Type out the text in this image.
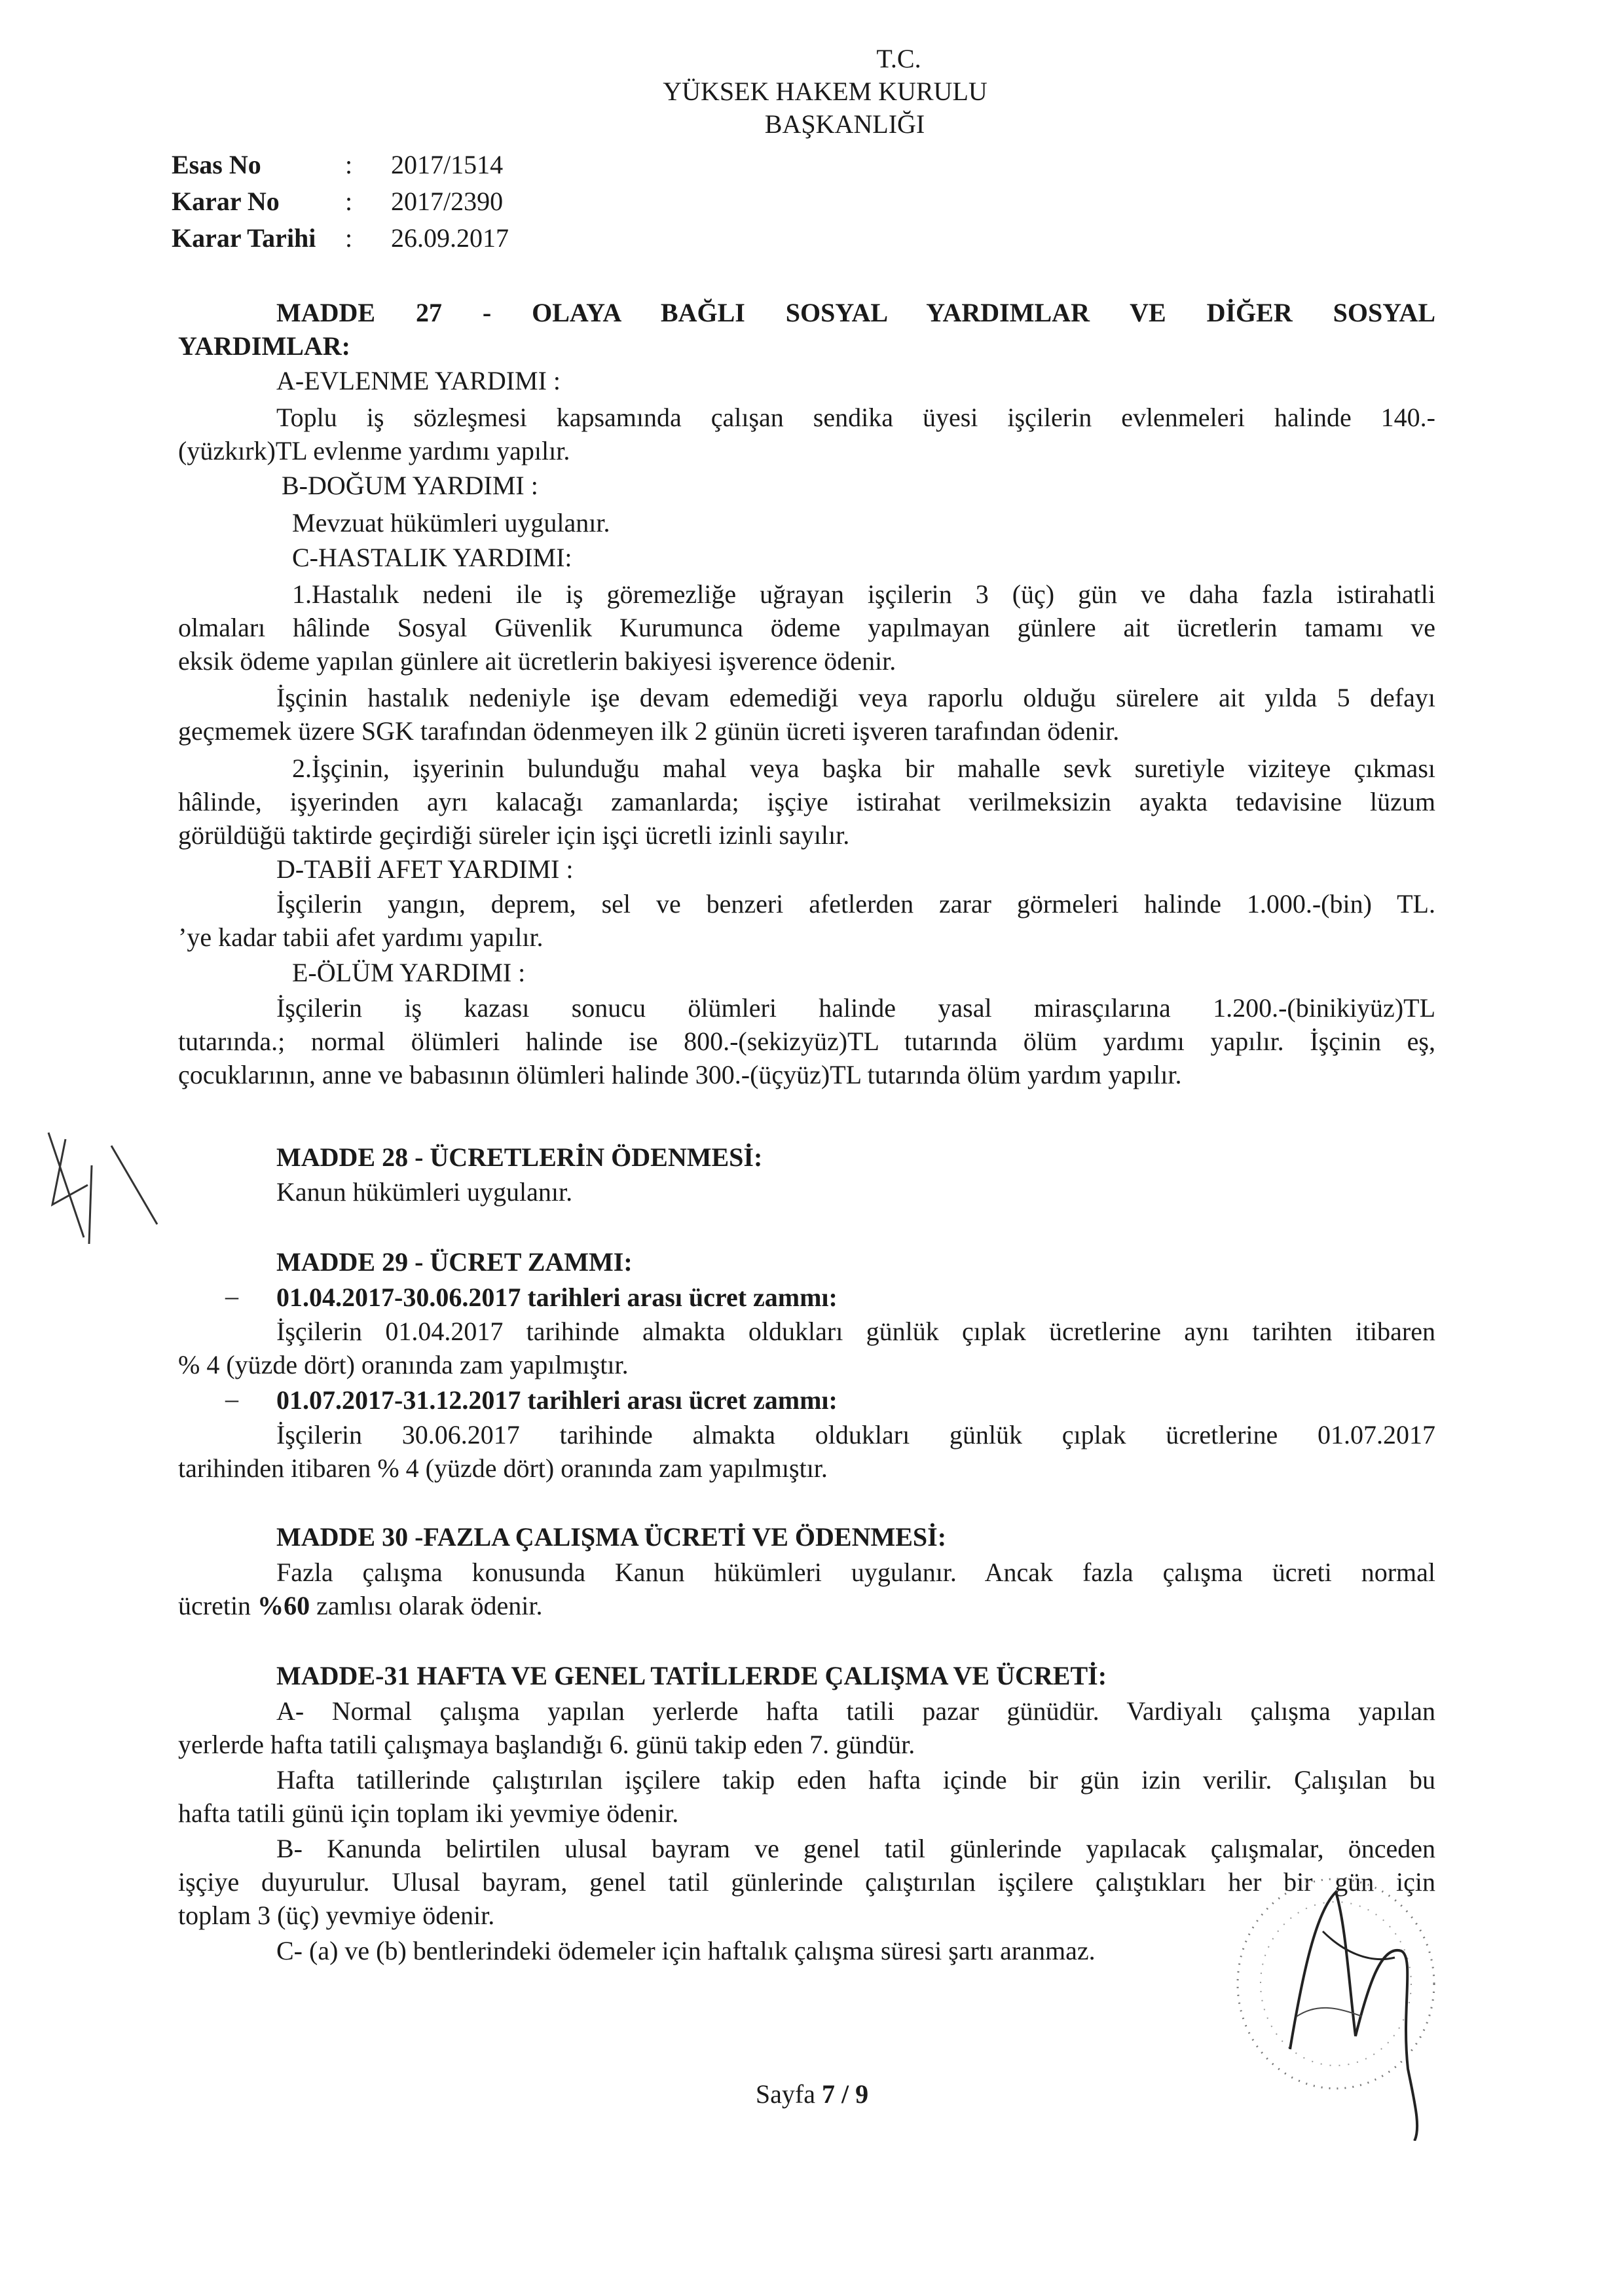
T.C.
YÜKSEK HAKEM KURULU
BAŞKANLIĞI
Esas No	: 2017/1514
Karar No	: 2017/2390
Karar Tarihi : 26.09.2017
MADDE 27 - OLAYA BAĞLI SOSYAL YARDIMLAR VE DİĞER SOSYAL
YARDIMLAR:
A-EVLENME YARDIMI :
Toplu iş sözleşmesi kapsamında çalışan sendika üyesi işçilerin evlenmeleri halinde 140.-
(yüzkırk)TL evlenme yardımı yapılır.
B-DOĞUM YARDIMI :
Mevzuat hükümleri uygulanır.
C-HASTALIK YARDIMI:
1.Hastalık nedeni ile iş göremezliğe uğrayan işçilerin 3 (üç) gün ve daha fazla istirahatli
olmaları hâlinde Sosyal Güvenlik Kurumunca ödeme yapılmayan günlere ait ücretlerin tamamı ve
eksik ödeme yapılan günlere ait ücretlerin bakiyesi işverence ödenir.
İşçinin hastalık nedeniyle işe devam edemediği veya raporlu olduğu sürelere ait yılda 5 defayı
geçmemek üzere SGK tarafından ödenmeyen ilk 2 günün ücreti işveren tarafından ödenir.
2.İşçinin, işyerinin bulunduğu mahal veya başka bir mahalle sevk suretiyle viziteye çıkması
hâlinde, işyerinden ayrı kalacağı zamanlarda; işçiye istirahat verilmeksizin ayakta tedavisine lüzum
görüldüğü taktirde geçirdiği süreler için işçi ücretli izinli sayılır.
D-TABİİ AFET YARDIMI :
İşçilerin yangın, deprem, sel ve benzeri afetlerden zarar görmeleri halinde 1.000.-(bin) TL.
’ye kadar tabii afet yardımı yapılır.
E-ÖLÜM YARDIMI :
İşçilerin iş kazası sonucu ölümleri halinde yasal mirasçılarına 1.200.-(binikiyüz)TL
tutarında.; normal ölümleri halinde ise 800.-(sekizyüz)TL tutarında ölüm yardımı yapılır. İşçinin eş,
çocuklarının, anne ve babasının ölümleri halinde 300.-(üçyüz)TL tutarında ölüm yardım yapılır.
MADDE 28 - ÜCRETLERİN ÖDENMESİ:
Kanun hükümleri uygulanır.
MADDE 29 - ÜCRET ZAMMI:
– 01.04.2017-30.06.2017 tarihleri arası ücret zammı:
İşçilerin 01.04.2017 tarihinde almakta oldukları günlük çıplak ücretlerine aynı tarihten itibaren
% 4 (yüzde dört) oranında zam yapılmıştır.
– 01.07.2017-31.12.2017 tarihleri arası ücret zammı:
İşçilerin 30.06.2017 tarihinde almakta oldukları günlük çıplak ücretlerine 01.07.2017
tarihinden itibaren % 4 (yüzde dört) oranında zam yapılmıştır.
MADDE 30 -FAZLA ÇALIŞMA ÜCRETİ VE ÖDENMESİ:
Fazla çalışma konusunda Kanun hükümleri uygulanır. Ancak fazla çalışma ücreti normal
ücretin %60 zamlısı olarak ödenir.
MADDE-31 HAFTA VE GENEL TATİLLERDE ÇALIŞMA VE ÜCRETİ:
A- Normal çalışma yapılan yerlerde hafta tatili pazar günüdür. Vardiyalı çalışma yapılan
yerlerde hafta tatili çalışmaya başlandığı 6. günü takip eden 7. gündür.
Hafta tatillerinde çalıştırılan işçilere takip eden hafta içinde bir gün izin verilir. Çalışılan bu
hafta tatili günü için toplam iki yevmiye ödenir.
B- Kanunda belirtilen ulusal bayram ve genel tatil günlerinde yapılacak çalışmalar, önceden
işçiye duyurulur. Ulusal bayram, genel tatil günlerinde çalıştırılan işçilere çalıştıkları her bir gün için
toplam 3 (üç) yevmiye ödenir.
C- (a) ve (b) bentlerindeki ödemeler için haftalık çalışma süresi şartı aranmaz.
Sayfa 7 / 9
